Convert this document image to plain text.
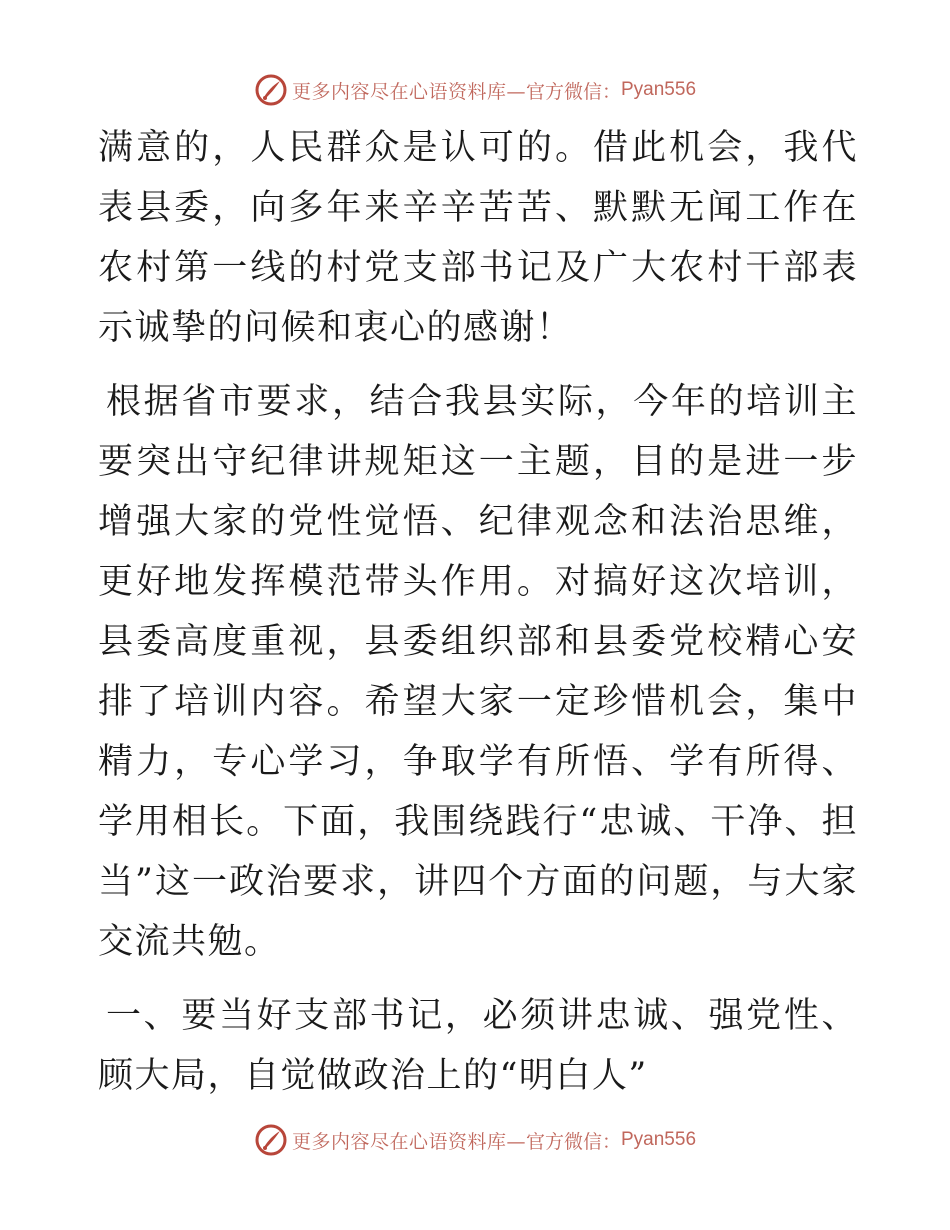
更多内容尽在心语资料库— 官方微信： Pyan556

满意的，人民群众是认可的。借此机会，我代表县委，向多年来辛辛苦苦、默默无闻工作在农村第一线的村党支部书记及广大农村干部表示诚挚的问候和衷心的感谢！

根据省市要求，结合我县实际，今年的培训主要突出守纪律讲规矩这一主题，目的是进一步增强大家的党性觉悟、纪律观念和法治思维，更好地发挥模范带头作用。对搞好这次培训，县委高度重视，县委组织部和县委党校精心安排了培训内容。希望大家一定珍惜机会，集中精力，专心学习，争取学有所悟、学有所得、学用相长。下面，我围绕践行“忠诚、干净、担当”这一政治要求，讲四个方面的问题，与大家交流共勉。

一、要当好支部书记，必须讲忠诚、强党性、顾大局，自觉做政治上的“明白人”

更多内容尽在心语资料库— 官方微信： Pyan556
